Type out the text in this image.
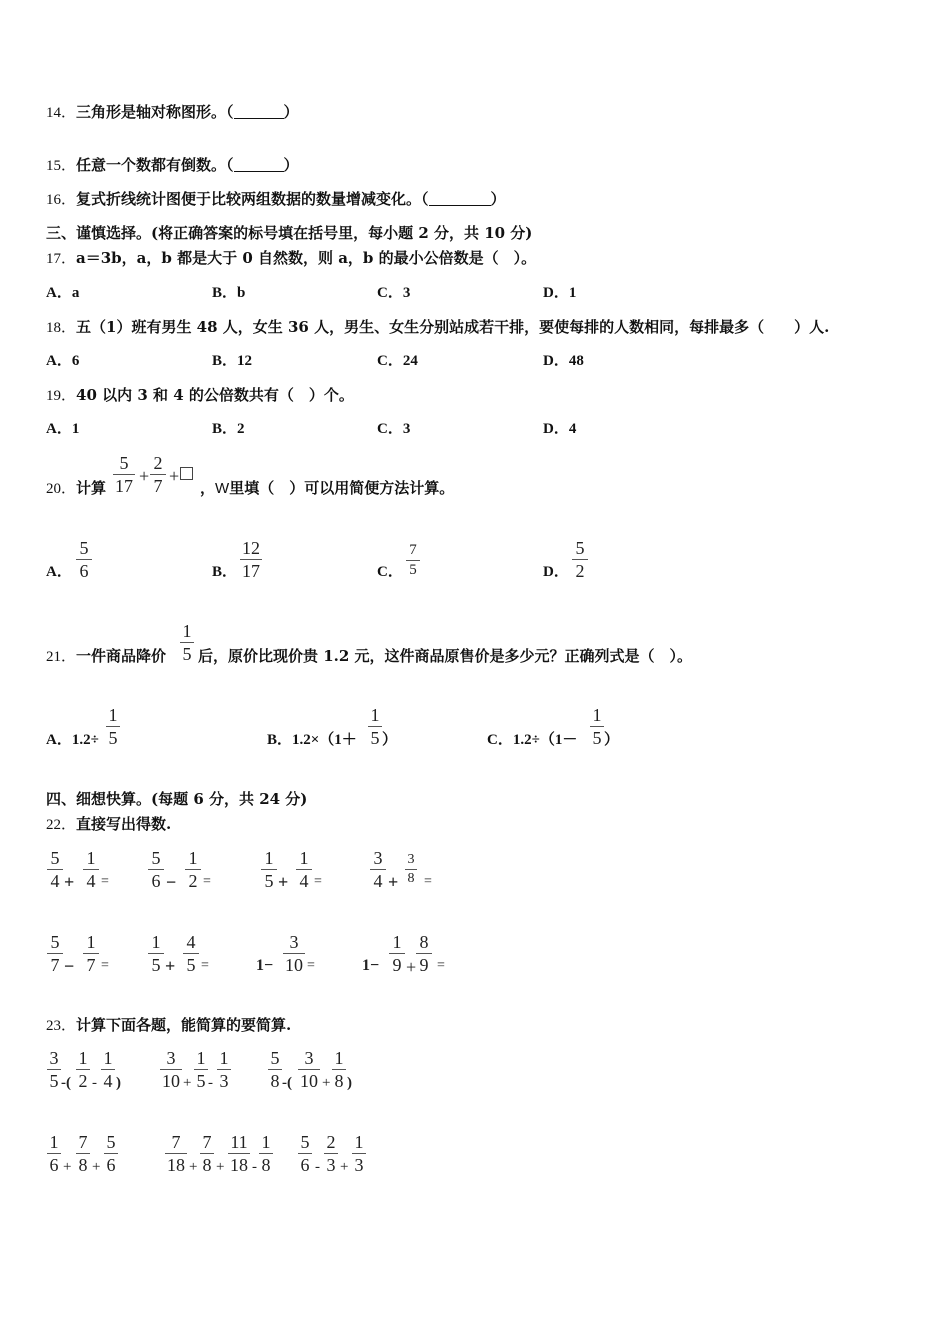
14．三角形是轴对称图形。（	）
15．任意一个数都有倒数。（	）
16．复式折线统计图便于比较两组数据的数量增减变化。（	）
三、谨慎选择。(将正确答案的标号填在括号里，每小题 2 分，共 10 分)
17．a＝3b，a，b 都是大于 0 自然数，则 a，b 的最小公倍数是（　）。
A．a	B．b	C．3	D．1
18．五（1）班有男生 48 人，女生 36 人，男生、女生分别站成若干排，要使每排的人数相同，每排最多（　　）人.
A．6	B．12	C．24	D．48
19．40 以内 3 和 4 的公倍数共有（　）个。
A．1	B．2	C．3	D．4
20．计算
5
17 +
2
7 +
，W里填（　）可以用简便方法计算。
A．
5
6	B．
12
17	C．
7
5	D．
5
2
21．一件商品降价
1
5 后，原价比现价贵 1.2 元，这件商品原售价是多少元？正确列式是（　）。
A．1.2÷
1
5	B．1.2×（1＋
1
5 ）	C．1.2÷（1－
1
5 ）
四、细想快算。(每题 6 分，共 24 分)
22．直接写出得数.
5
4 +
1
4 =
5
6 −
1
2 =
1
5 +
1
4 =
3
4 +
3
8 =
5
7 −
1
7 =
1
5 +
4
5 =	1−
3
10 =	1−
1
9 +
8
9 =
23．计算下面各题，能简算的要简算.
3
5 -(
1
2 -
1
4 )
3
10 +
1
5 -
1
3
5
8 -(
3
10 +
1
8 )
1
6 +
7
8 +
5
6
7
18 +
7
8 +
11
18 -
1
8
5
6 -
2
3 +
1
3
